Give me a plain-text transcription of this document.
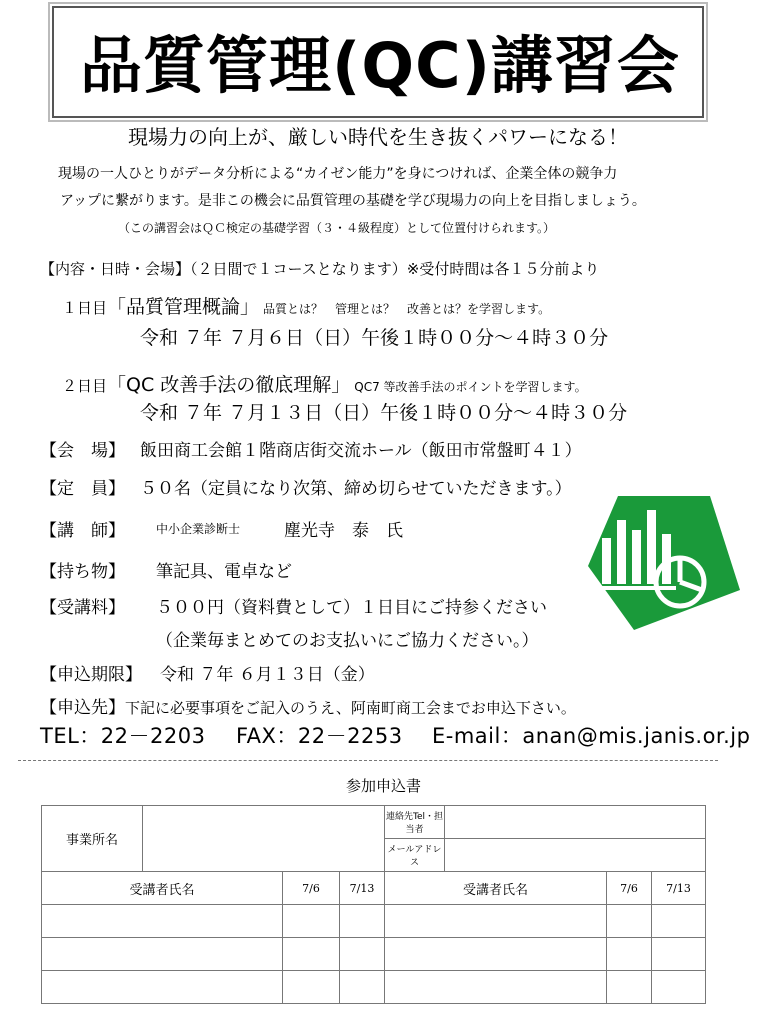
品質管理(QC)講習会
現場力の向上が、厳しい時代を生き抜くパワーになる！
現場の一人ひとりがデータ分析による“カイゼン能力”を身につければ、企業全体の競争力
アップに繋がります。是非この機会に品質管理の基礎を学び現場力の向上を目指しましょう。
（この講習会はＱＣ検定の基礎学習（３・４級程度）として位置付けられます。）
【内容・日時・会場】（２日間で１コースとなります）※受付時間は各１５分前より
１日目「品質管理概論」 品質とは？　管理とは？　改善とは？を学習します。
令和 ７年 ７月６日（日）午後１時００分～４時３０分
２日目「QC 改善手法の徹底理解」 QC7 等改善手法のポイントを学習します。
令和 ７年 ７月１３日（日）午後１時００分～４時３０分
【会　場】 飯田商工会館１階商店街交流ホール（飯田市常盤町４１）
【定　員】 ５０名（定員になり次第、締め切らせていただきます。）
【講　師】	中小企業診断士	塵光寺　泰　氏
【持ち物】 筆記具、電卓など
【受講料】 ５００円（資料費として）１日目にご持参ください
（企業毎まとめてのお支払いにご協力ください。）
【申込期限】 令和 ７年 ６月１３日（金）
【申込先】下記に必要事項をご記入のうえ、阿南町商工会までお申込下さい。
TEL：22－2203 FAX：22－2253 E-mail：anan@mis.janis.or.jp
参加申込書
事業所名				連絡先Tel・担当者			
				メールアドレス			
受講者氏名		7/6	7/13	受講者氏名		7/6	7/13
